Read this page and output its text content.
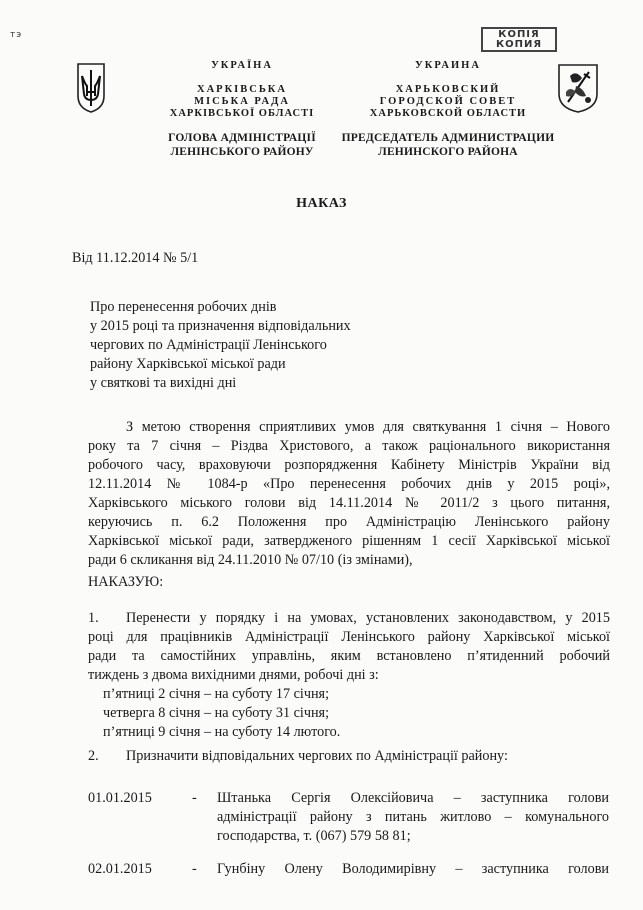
тэ	КОПІЯ
КОПИЯ
УКРАЇНА
ХАРКІВСЬКА
МІСЬКА РАДА
ХАРКІВСЬКОЇ ОБЛАСТІ
ГОЛОВА АДМІНІСТРАЦІЇ
ЛЕНІНСЬКОГО РАЙОНУ
УКРАИНА
ХАРЬКОВСКИЙ
ГОРОДСКОЙ СОВЕТ
ХАРЬКОВСКОЙ ОБЛАСТИ
ПРЕДСЕДАТЕЛЬ АДМИНИСТРАЦИИ
ЛЕНИНСКОГО РАЙОНА
НАКАЗ
Від 11.12.2014 № 5/1
Про перенесення робочих днів
у 2015 році та призначення відповідальних
чергових по Адміністрації Ленінського
району Харківської міської ради
у святкові та вихідні дні
З метою створення сприятливих умов для святкування 1 січня – Нового
року та 7 січня – Різдва Христового, а також раціонального використання
робочого часу, враховуючи розпорядження Кабінету Міністрів України від
12.11.2014 № 1084-р «Про перенесення робочих днів у 2015 році»,
Харківського міського голови від 14.11.2014 № 2011/2 з цього питання,
керуючись п. 6.2 Положення про Адміністрацію Ленінського району
Харківської міської ради, затвердженого рішенням 1 сесії Харківської міської
ради 6 скликання від 24.11.2010 № 07/10 (із змінами),
НАКАЗУЮ:
1.	Перенести у порядку і на умовах, установлених законодавством, у 2015
році для працівників Адміністрації Ленінського району Харківської міської
ради та самостійних управлінь, яким встановлено п’ятиденний робочий
тиждень з двома вихідними днями, робочі дні з:
п’ятниці 2 січня – на суботу 17 січня;
четверга 8 січня – на суботу 31 січня;
п’ятниці 9 січня – на суботу 14 лютого.
2. Призначити відповідальних чергових по Адміністрації району:
01.01.2015	- Штанька Сергія Олексійовича – заступника голови
адміністрації району з питань житлово – комунального
господарства, т. (067) 579 58 81;
02.01.2015	- Гунбіну Олену Володимирівну – заступника голови
